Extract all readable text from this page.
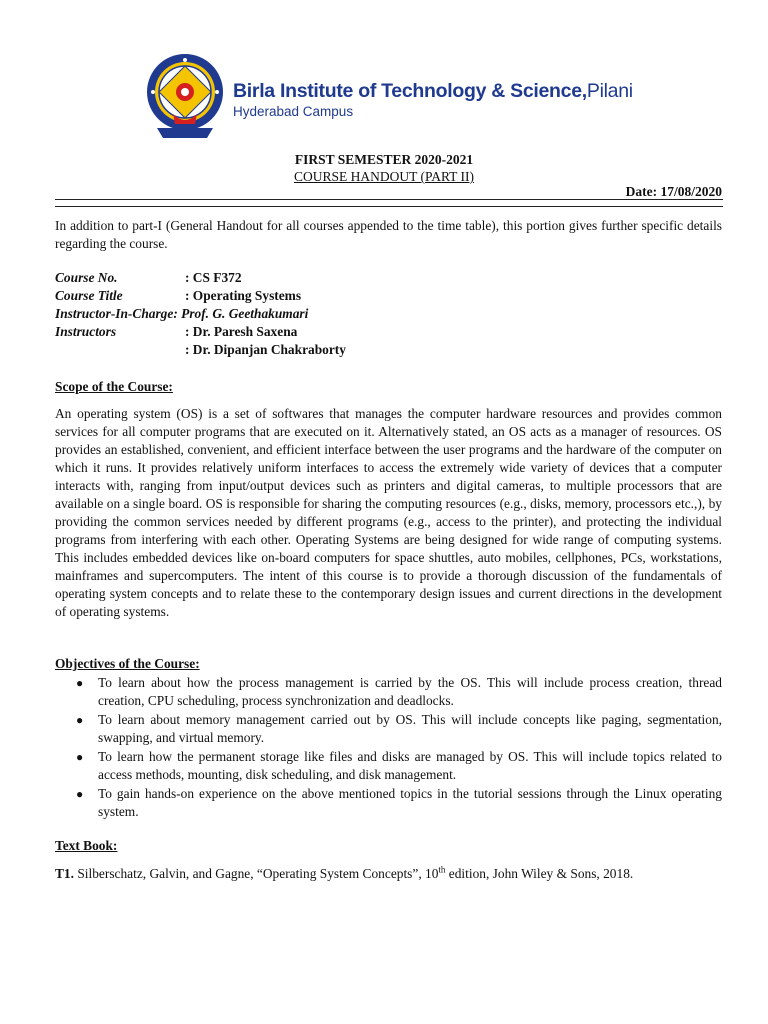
Birla Institute of Technology & Science,Pilani
Hyderabad Campus
FIRST SEMESTER 2020-2021
COURSE HANDOUT (PART II)
Date: 17/08/2020
In addition to part-I (General Handout for all courses appended to the time table), this portion gives further specific details regarding the course.
Course No.	: CS F372
Course Title	: Operating Systems
Instructor-In-Charge: Prof. G. Geethakumari
Instructors	: Dr. Paresh Saxena
: Dr. Dipanjan Chakraborty
Scope of the Course:
An operating system (OS) is a set of softwares that manages the computer hardware resources and provides common services for all computer programs that are executed on it. Alternatively stated, an OS acts as a manager of resources. OS provides an established, convenient, and efficient interface between the user programs and the hardware of the computer on which it runs. It provides relatively uniform interfaces to access the extremely wide variety of devices that a computer interacts with, ranging from input/output devices such as printers and digital cameras, to multiple processors that are available on a single board. OS is responsible for sharing the computing resources (e.g., disks, memory, processors etc.,), by providing the common services needed by different programs (e.g., access to the printer), and protecting the individual programs from interfering with each other. Operating Systems are being designed for wide range of computing systems. This includes embedded devices like on-board computers for space shuttles, auto mobiles, cellphones, PCs, workstations, mainframes and supercomputers. The intent of this course is to provide a thorough discussion of the fundamentals of operating system concepts and to relate these to the contemporary design issues and current directions in the development of operating systems.
Objectives of the Course:
● To learn about how the process management is carried by the OS. This will include process creation, thread creation, CPU scheduling, process synchronization and deadlocks.
● To learn about memory management carried out by OS. This will include concepts like paging, segmentation, swapping, and virtual memory.
● To learn how the permanent storage like files and disks are managed by OS. This will include topics related to access methods, mounting, disk scheduling, and disk management.
● To gain hands-on experience on the above mentioned topics in the tutorial sessions through the Linux operating system.
Text Book:
T1. Silberschatz, Galvin, and Gagne, “Operating System Concepts”, 10th edition, John Wiley & Sons, 2018.
